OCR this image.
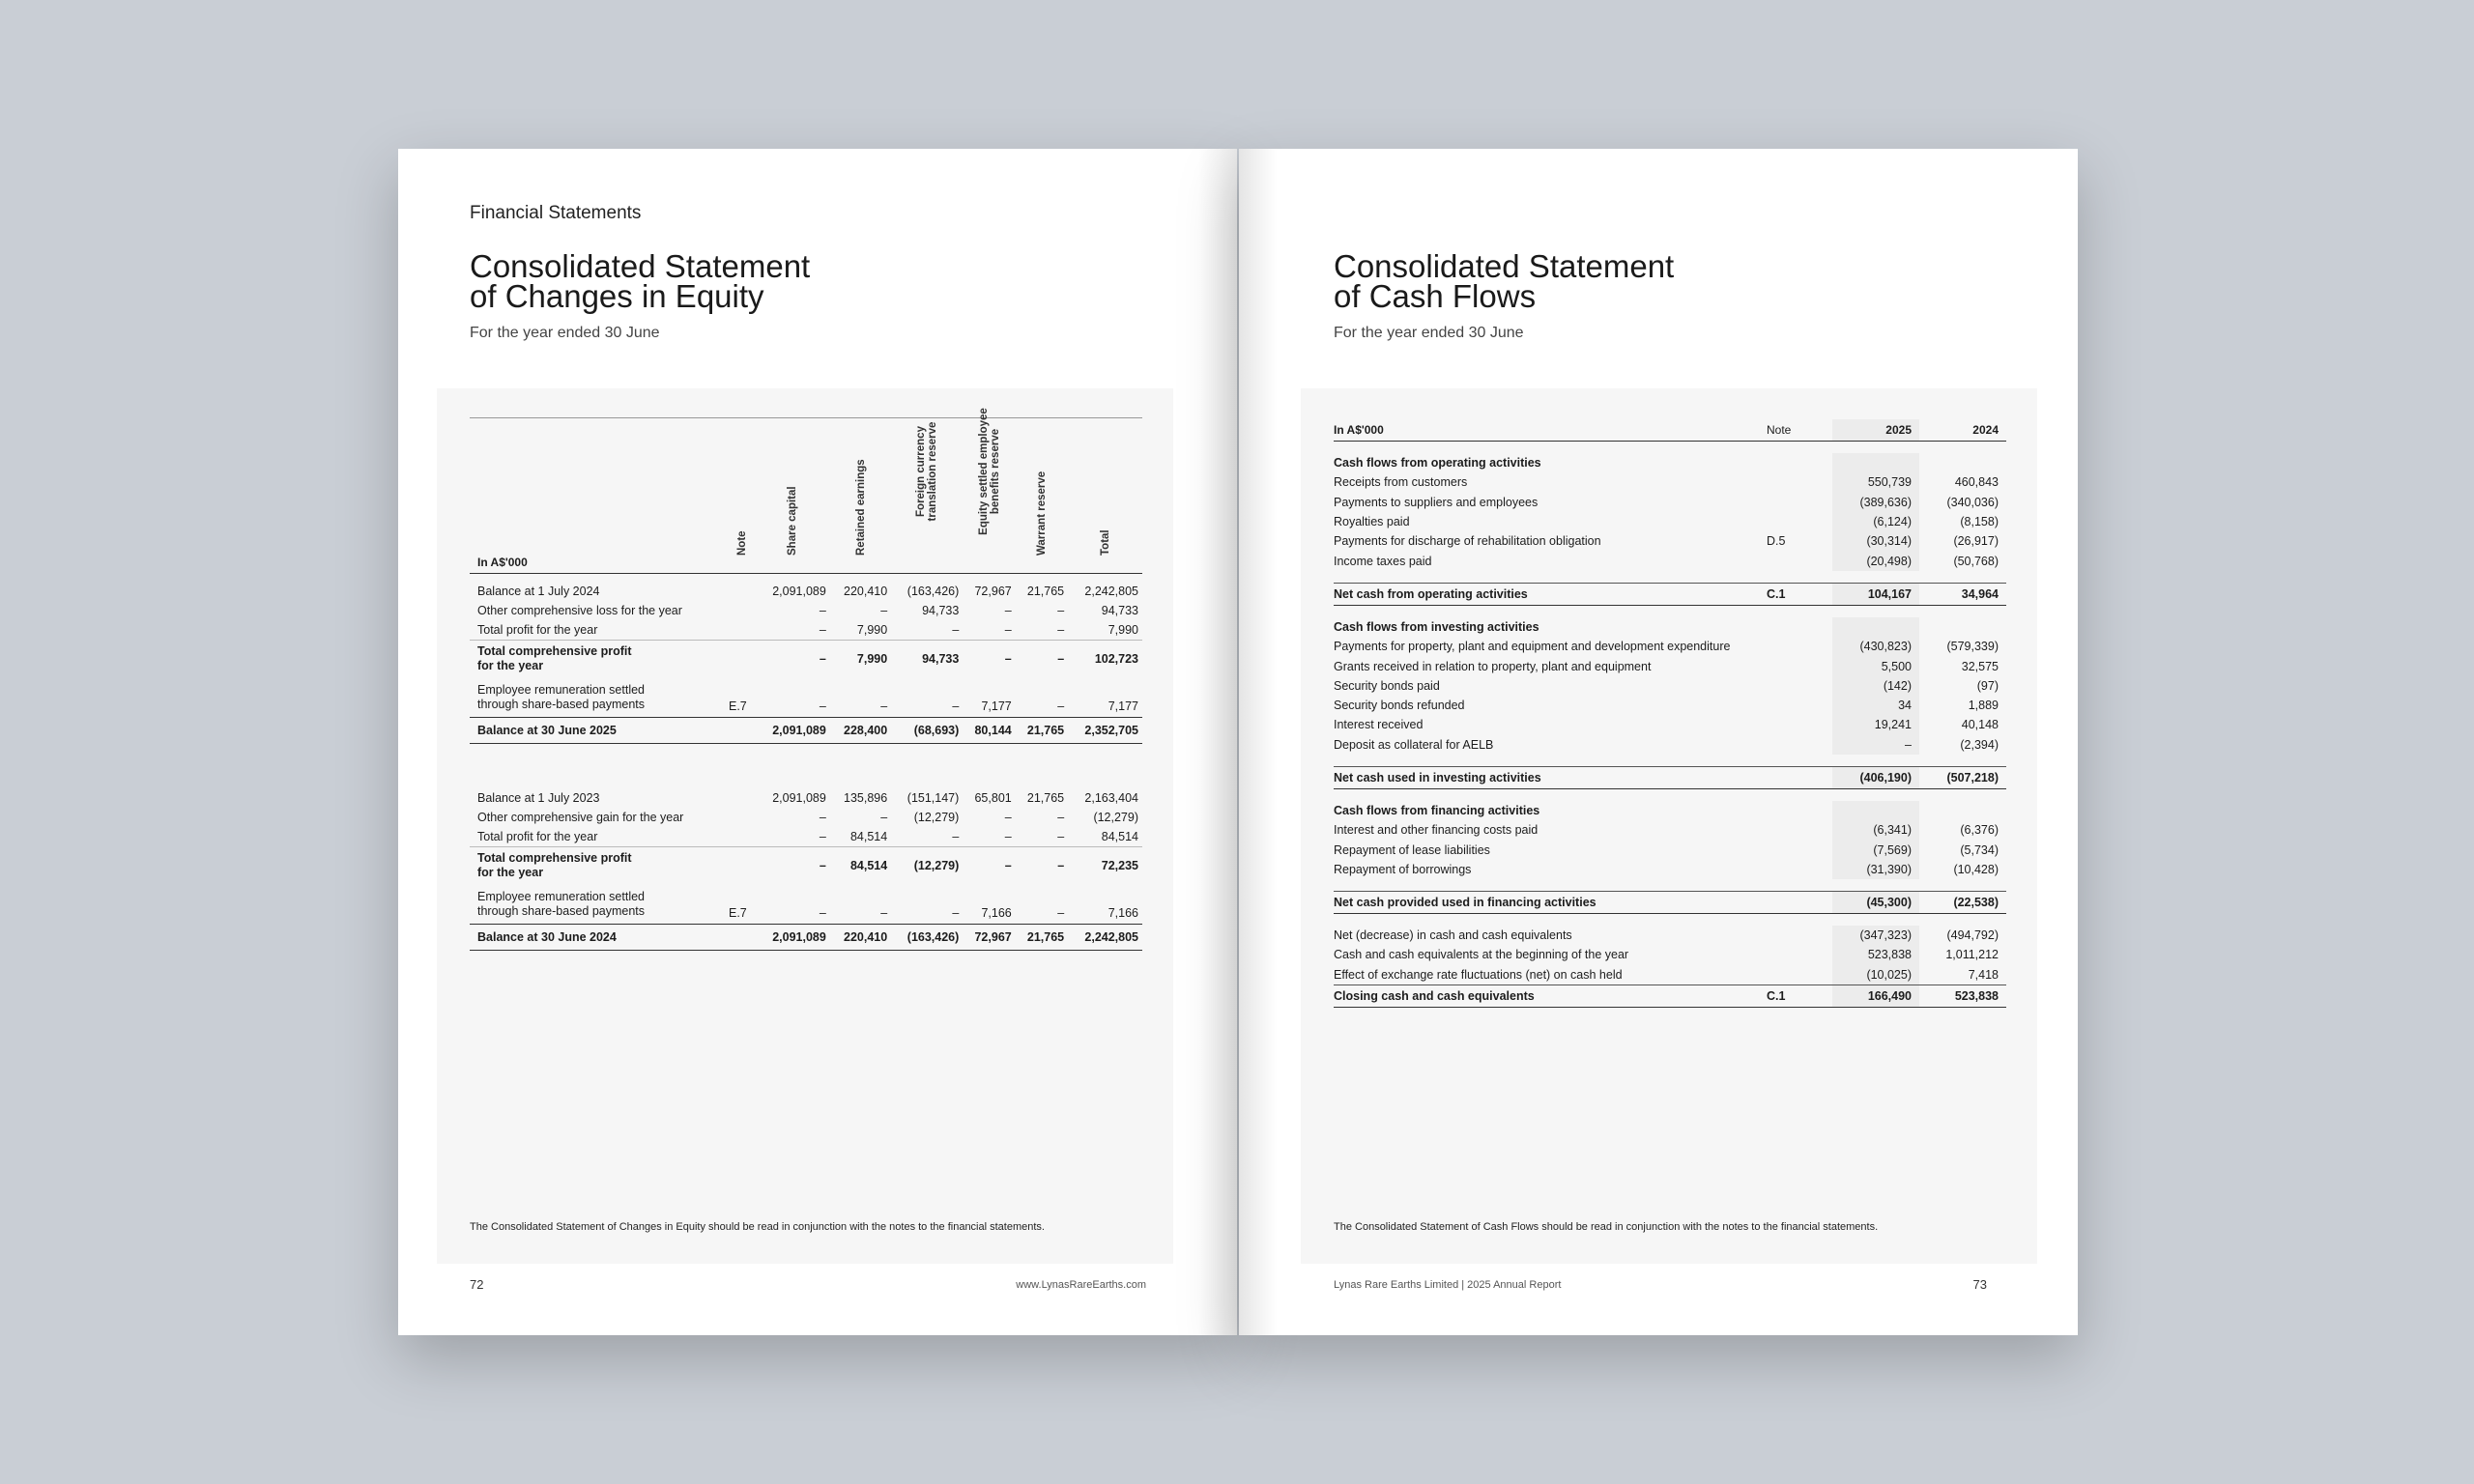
Financial Statements
Consolidated Statement
of Changes in Equity
For the year ended 30 June
In A$'000	Note	Share capital	Retained earnings	Foreign currency translation reserve	Equity settled employee benefits reserve	Warrant reserve	Total

Balance at 1 July 2024		2,091,089	220,410	(163,426)	72,967	21,765	2,242,805
Other comprehensive loss for the year		–	–	94,733	–	–	94,733
Total profit for the year		–	7,990	–	–	–	7,990
Total comprehensive profit
for the year		–	7,990	94,733	–	–	102,723
Employee remuneration settled
through share-based payments	E.7	–	–	–	7,177	–	7,177
Balance at 30 June 2025		2,091,089	228,400	(68,693)	80,144	21,765	2,352,705

Balance at 1 July 2023		2,091,089	135,896	(151,147)	65,801	21,765	2,163,404
Other comprehensive gain for the year		–	–	(12,279)	–	–	(12,279)
Total profit for the year		–	84,514	–	–	–	84,514
Total comprehensive profit
for the year		–	84,514	(12,279)	–	–	72,235
Employee remuneration settled
through share-based payments	E.7	–	–	–	7,166	–	7,166
Balance at 30 June 2024		2,091,089	220,410	(163,426)	72,967	21,765	2,242,805
The Consolidated Statement of Changes in Equity should be read in conjunction with the notes to the financial statements.
72	www.LynasRareEarths.com
Consolidated Statement
of Cash Flows
For the year ended 30 June
In A$'000	Note	2025	2024

Cash flows from operating activities			
Receipts from customers		550,739	460,843
Payments to suppliers and employees		(389,636)	(340,036)
Royalties paid		(6,124)	(8,158)
Payments for discharge of rehabilitation obligation	D.5	(30,314)	(26,917)
Income taxes paid		(20,498)	(50,768)

Net cash from operating activities	C.1	104,167	34,964

Cash flows from investing activities			
Payments for property, plant and equipment and development expenditure		(430,823)	(579,339)
Grants received in relation to property, plant and equipment		5,500	32,575
Security bonds paid		(142)	(97)
Security bonds refunded		34	1,889
Interest received		19,241	40,148
Deposit as collateral for AELB		–	(2,394)

Net cash used in investing activities		(406,190)	(507,218)

Cash flows from financing activities			
Interest and other financing costs paid		(6,341)	(6,376)
Repayment of lease liabilities		(7,569)	(5,734)
Repayment of borrowings		(31,390)	(10,428)

Net cash provided used in financing activities		(45,300)	(22,538)

Net (decrease) in cash and cash equivalents		(347,323)	(494,792)
Cash and cash equivalents at the beginning of the year		523,838	1,011,212
Effect of exchange rate fluctuations (net) on cash held		(10,025)	7,418
Closing cash and cash equivalents	C.1	166,490	523,838
The Consolidated Statement of Cash Flows should be read in conjunction with the notes to the financial statements.
Lynas Rare Earths Limited | 2025 Annual Report	73
